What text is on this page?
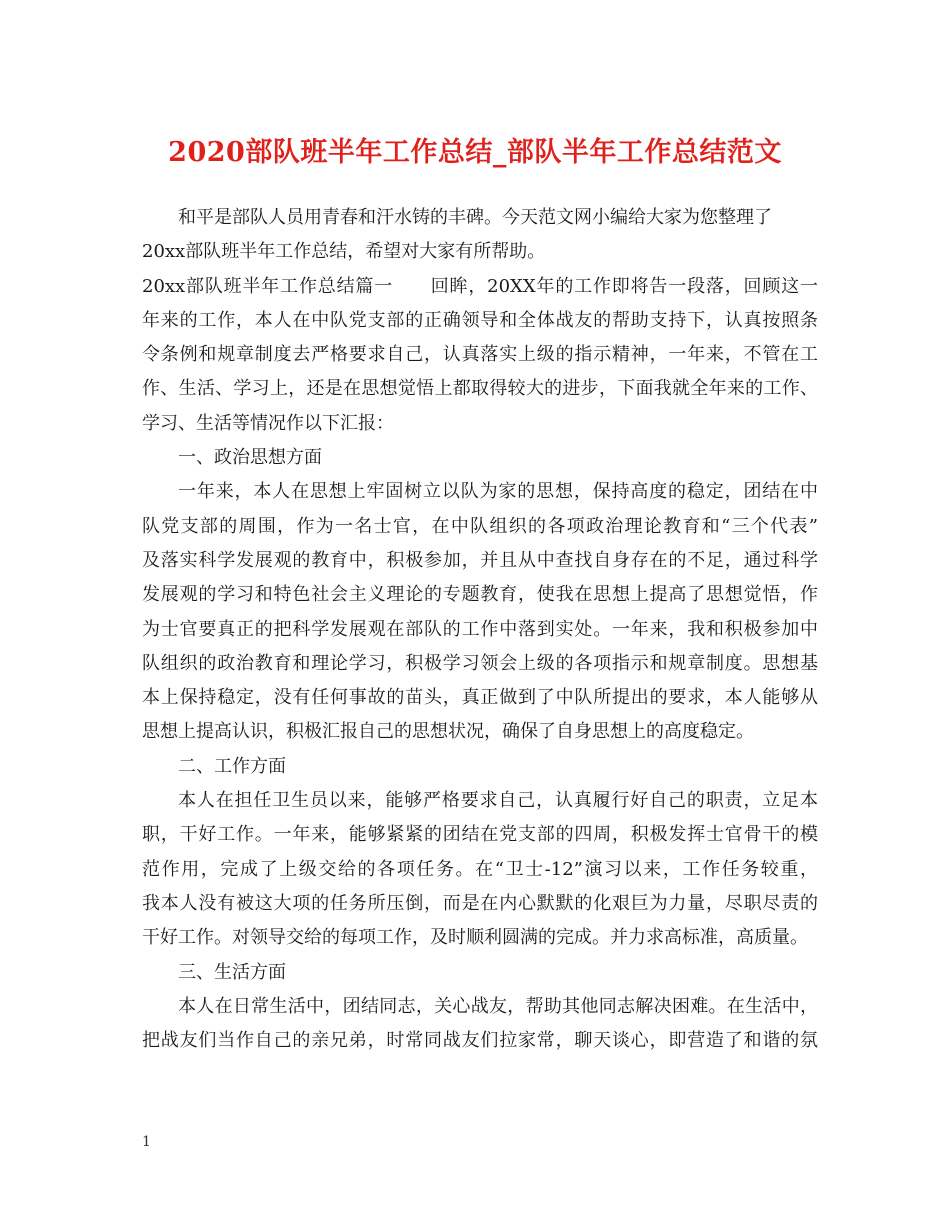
2020部队班半年工作总结_部队半年工作总结范文
和平是部队人员用青春和汗水铸的丰碑。今天范文网小编给大家为您整理了
20xx部队班半年工作总结，希望对大家有所帮助。
20xx部队班半年工作总结篇一　　回眸，20XX年的工作即将告一段落，回顾这一
年来的工作，本人在中队党支部的正确领导和全体战友的帮助支持下，认真按照条
令条例和规章制度去严格要求自己，认真落实上级的指示精神，一年来，不管在工
作、生活、学习上，还是在思想觉悟上都取得较大的进步，下面我就全年来的工作、
学习、生活等情况作以下汇报：
一、政治思想方面
一年来，本人在思想上牢固树立以队为家的思想，保持高度的稳定，团结在中
队党支部的周围，作为一名士官，在中队组织的各项政治理论教育和“三个代表”
及落实科学发展观的教育中，积极参加，并且从中查找自身存在的不足，通过科学
发展观的学习和特色社会主义理论的专题教育，使我在思想上提高了思想觉悟，作
为士官要真正的把科学发展观在部队的工作中落到实处。一年来，我和积极参加中
队组织的政治教育和理论学习，积极学习领会上级的各项指示和规章制度。思想基
本上保持稳定，没有任何事故的苗头，真正做到了中队所提出的要求，本人能够从
思想上提高认识，积极汇报自己的思想状况，确保了自身思想上的高度稳定。
二、工作方面
本人在担任卫生员以来，能够严格要求自己，认真履行好自己的职责，立足本
职，干好工作。一年来，能够紧紧的团结在党支部的四周，积极发挥士官骨干的模
范作用，完成了上级交给的各项任务。在“卫士-12”演习以来，工作任务较重，
我本人没有被这大项的任务所压倒，而是在内心默默的化艰巨为力量，尽职尽责的
干好工作。对领导交给的每项工作，及时顺利圆满的完成。并力求高标准，高质量。
三、生活方面
本人在日常生活中，团结同志，关心战友，帮助其他同志解决困难。在生活中，
把战友们当作自己的亲兄弟，时常同战友们拉家常，聊天谈心，即营造了和谐的氛
1
